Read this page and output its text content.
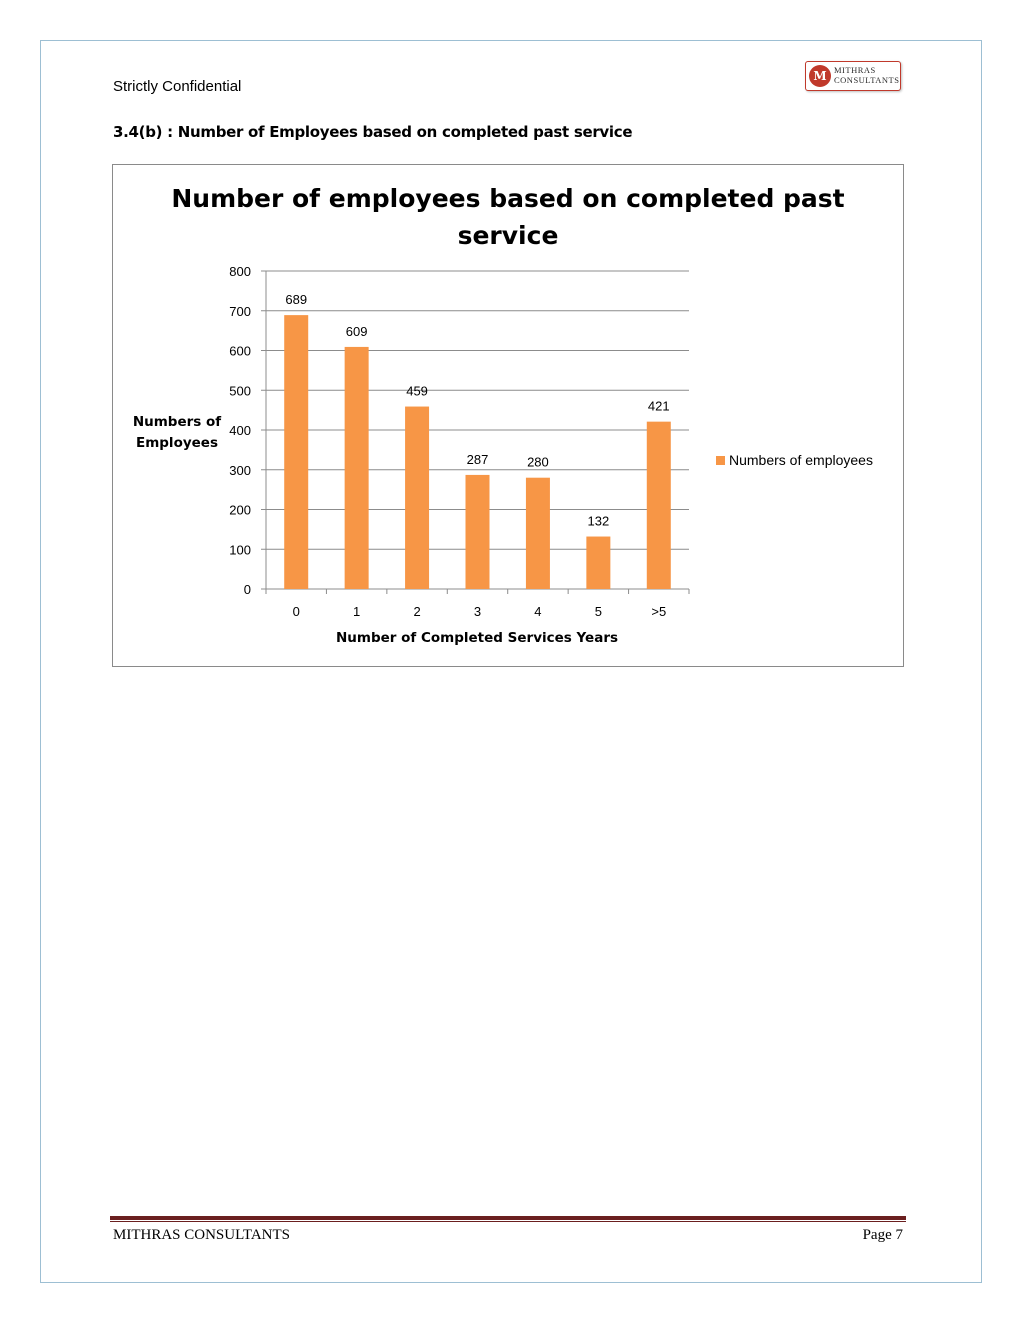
Strictly Confidential
M MITHRAS
CONSULTANTS
3.4(b) : Number of Employees based on completed past service
Number of employees based on completed past
service
0
100
200
300
400
500
600
700
800
689
0
609
1
459
2
287
3
280
4
132
5
421
>5
Number of Completed Services Years
Numbers of
Employees
Numbers of employees
MITHRAS CONSULTANTS	Page 7
